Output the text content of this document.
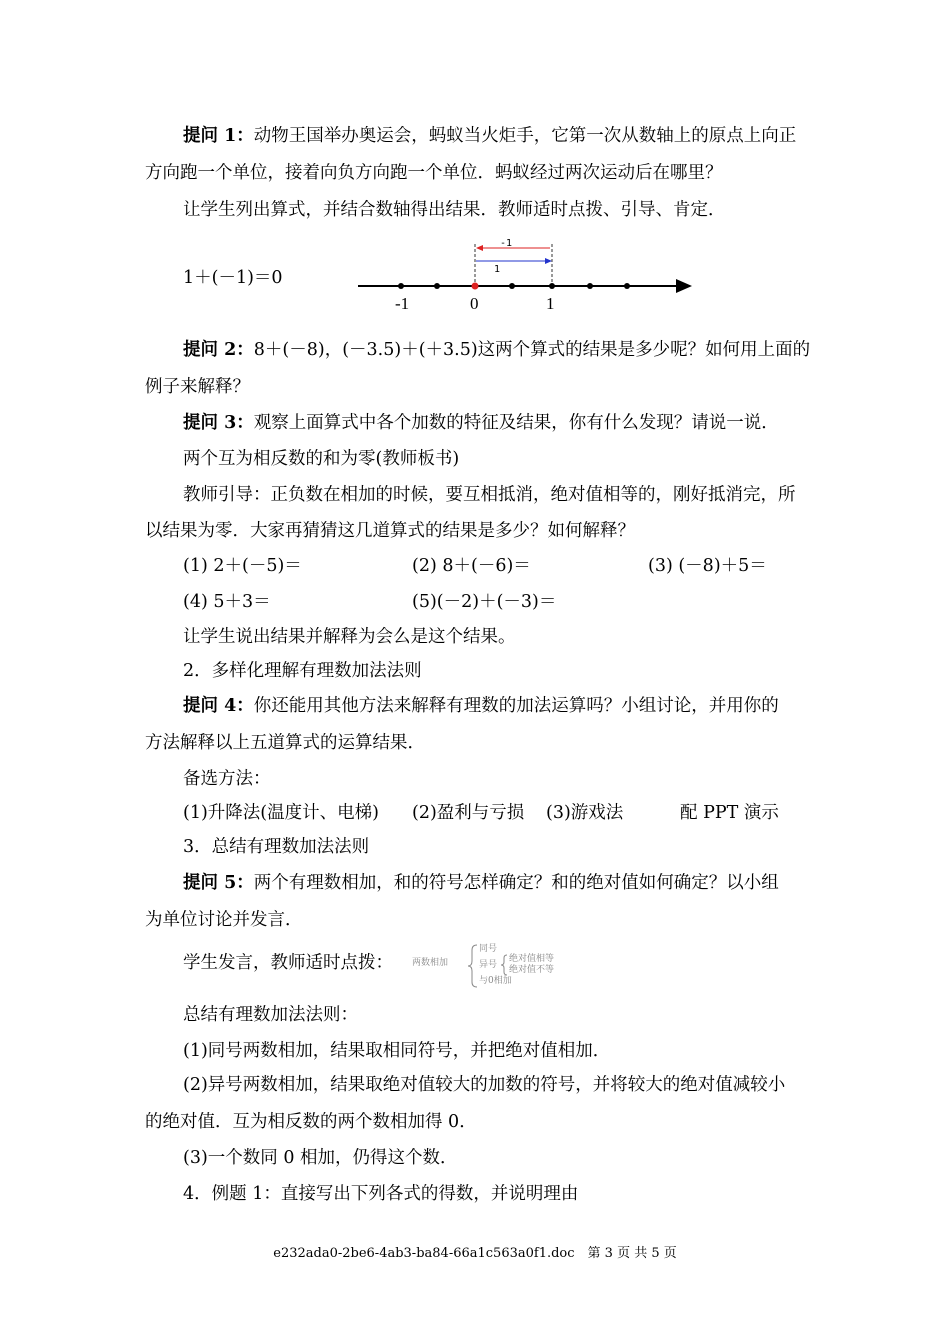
提问 1：动物王国举办奥运会，蚂蚁当火炬手，它第一次从数轴上的原点上向正
方向跑一个单位，接着向负方向跑一个单位．蚂蚁经过两次运动后在哪里？
让学生列出算式，并结合数轴得出结果．教师适时点拨、引导、肯定．
1＋(－1)＝0
-1
1
-1	0	1
提问 2：8＋(－8)，(－3.5)＋(＋3.5)这两个算式的结果是多少呢？如何用上面的
例子来解释？
提问 3：观察上面算式中各个加数的特征及结果，你有什么发现？请说一说．
两个互为相反数的和为零(教师板书)
教师引导：正负数在相加的时候，要互相抵消，绝对值相等的，刚好抵消完，所
以结果为零．大家再猜猜这几道算式的结果是多少？如何解释？
(1) 2＋(－5)＝	(2) 8＋(－6)＝	(3) (－8)＋5＝
(4) 5＋3＝	(5)(－2)＋(－3)＝
让学生说出结果并解释为会么是这个结果。
2．多样化理解有理数加法法则
提问 4：你还能用其他方法来解释有理数的加法运算吗？小组讨论，并用你的
方法解释以上五道算式的运算结果．
备选方法：
(1)升降法(温度计、电梯) (2)盈利与亏损 (3)游戏法	配 PPT 演示
3．总结有理数加法法则
提问 5：两个有理数相加，和的符号怎样确定？和的绝对值如何确定？以小组
为单位讨论并发言．
学生发言，教师适时点拨： 两数相加
同号
异号
与0相加
绝对值相等
绝对值不等
总结有理数加法法则：
(1)同号两数相加，结果取相同符号，并把绝对值相加．
(2)异号两数相加，结果取绝对值较大的加数的符号，并将较大的绝对值减较小
的绝对值．互为相反数的两个数相加得 0．
(3)一个数同 0 相加，仍得这个数．
4．例题 1：直接写出下列各式的得数，并说明理由
e232ada0-2be6-4ab3-ba84-66a1c563a0f1.doc　第 3 页 共 5 页
